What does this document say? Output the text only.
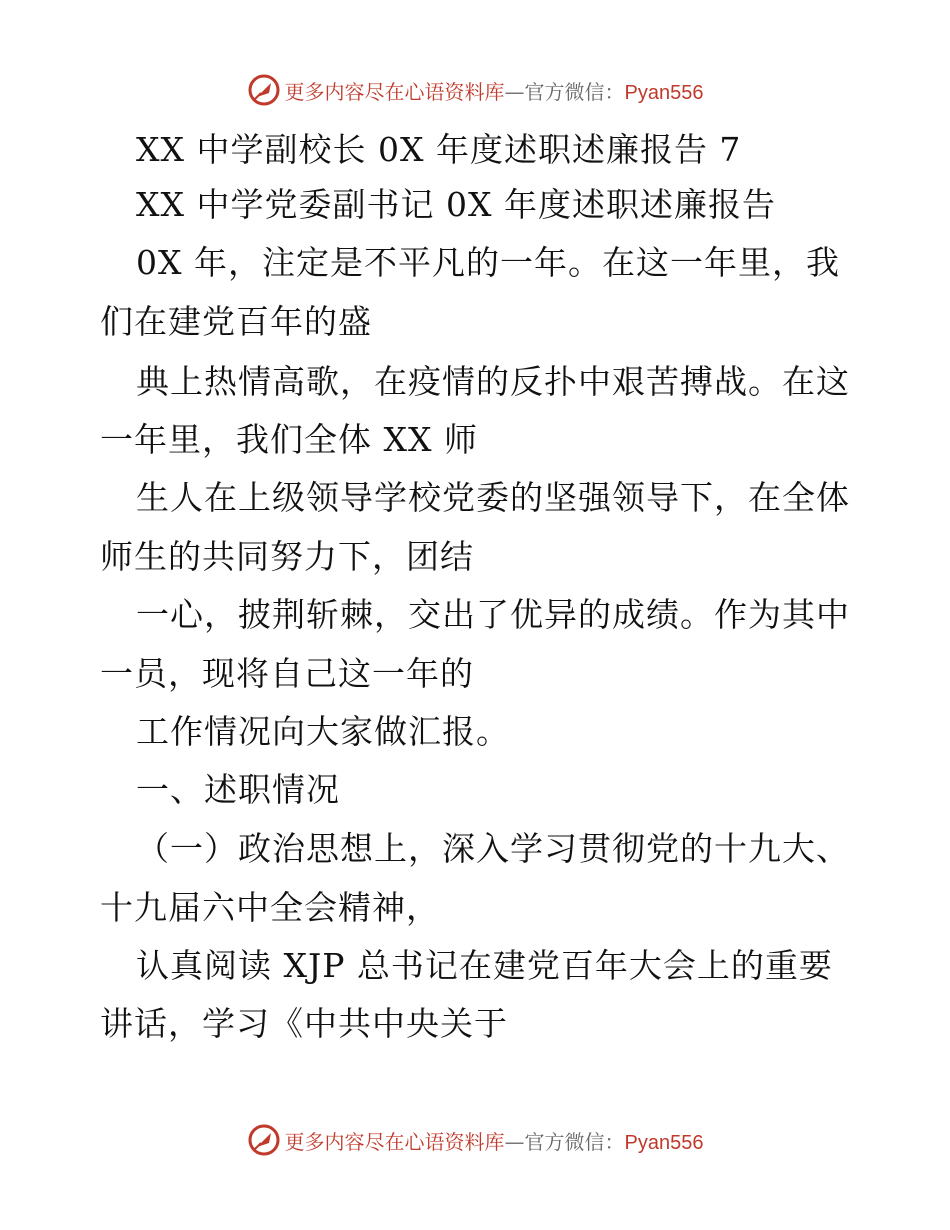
更多内容尽在心语资料库—官方微信：Pyan556
XX 中学副校长 0X 年度述职述廉报告 7
XX 中学党委副书记 0X 年度述职述廉报告
0X 年，注定是不平凡的一年。在这一年里，我
们在建党百年的盛
典上热情高歌，在疫情的反扑中艰苦搏战。在这
一年里，我们全体 XX 师
生人在上级领导学校党委的坚强领导下，在全体
师生的共同努力下，团结
一心，披荆斩棘，交出了优异的成绩。作为其中
一员，现将自己这一年的
工作情况向大家做汇报。
一、述职情况
（一）政治思想上，深入学习贯彻党的十九大、
十九届六中全会精神，
认真阅读 XJP 总书记在建党百年大会上的重要
讲话，学习《中共中央关于
更多内容尽在心语资料库—官方微信：Pyan556
